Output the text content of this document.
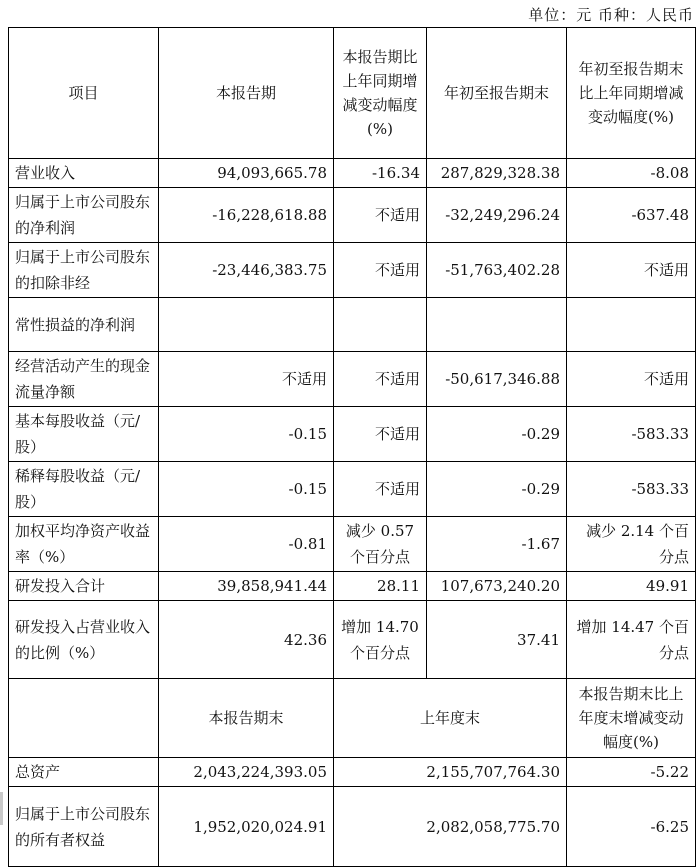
单位：元 币种：人民币
项目	本报告期	本报告期比上年同期增减变动幅度(%)	年初至报告期末	年初至报告期末比上年同期增减变动幅度(%)
营业收入	94,093,665.78	-16.34	287,829,328.38	-8.08
归属于上市公司股东的净利润	-16,228,618.88	不适用	-32,249,296.24	-637.48
归属于上市公司股东的扣除非经	-23,446,383.75	不适用	-51,763,402.28	不适用
常性损益的净利润				
经营活动产生的现金流量净额	不适用	不适用	-50,617,346.88	不适用
基本每股收益（元/股）	-0.15	不适用	-0.29	-583.33
稀释每股收益（元/股）	-0.15	不适用	-0.29	-583.33
加权平均净资产收益率（%）	-0.81	减少 0.57 个百分点	-1.67	减少 2.14 个百分点
研发投入合计	39,858,941.44	28.11	107,673,240.20	49.91
研发投入占营业收入的比例（%）	42.36	增加 14.70 个百分点	37.41	增加 14.47 个百分点
	本报告期末	上年度末		本报告期末比上年度末增减变动幅度(%)
总资产	2,043,224,393.05	2,155,707,764.30		-5.22
归属于上市公司股东的所有者权益	1,952,020,024.91	2,082,058,775.70		-6.25
